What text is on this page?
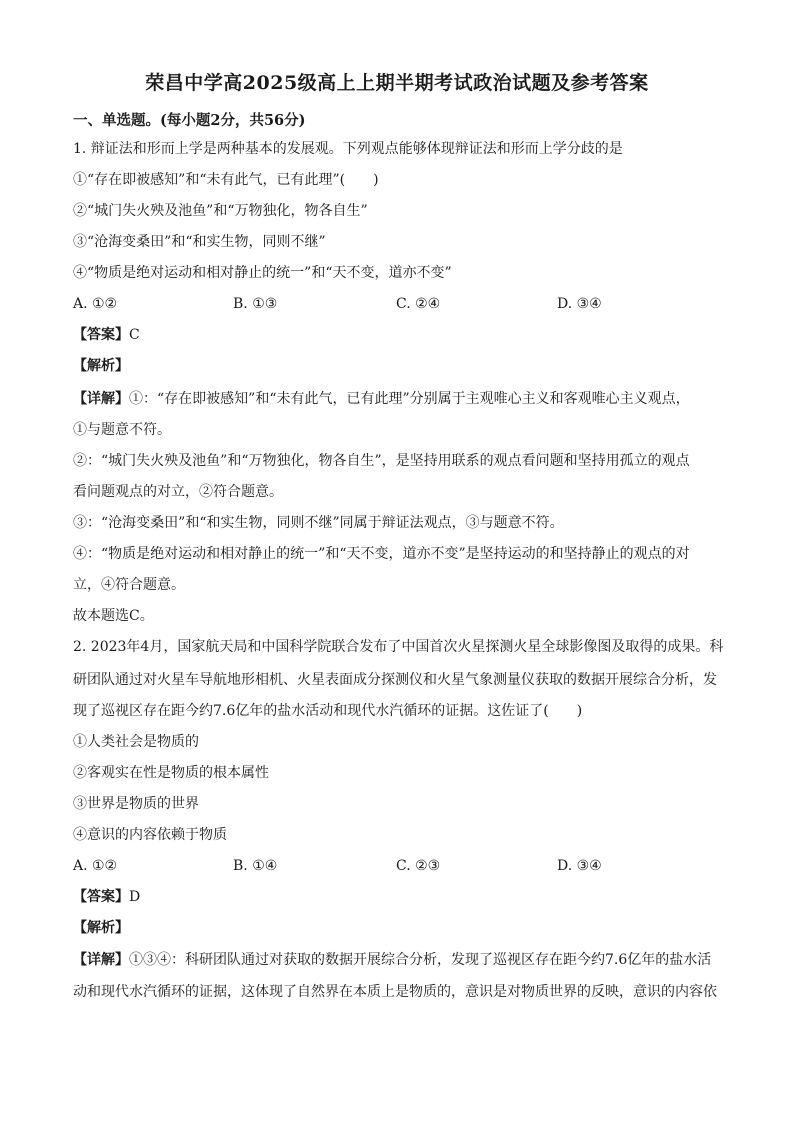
荣昌中学高2025级高上上期半期考试政治试题及参考答案
一、单选题。(每小题2分，共56分)
1. 辩证法和形而上学是两种基本的发展观。下列观点能够体现辩证法和形而上学分歧的是
①“存在即被感知”和“未有此气，已有此理”(　　)
②“城门失火殃及池鱼”和“万物独化，物各自生”
③“沧海变桑田”和“和实生物，同则不继”
④“物质是绝对运动和相对静止的统一”和“天不变，道亦不变”
A. ①②	B. ①③	C. ②④	D. ③④
【答案】C
【解析】
【详解】①：“存在即被感知”和“未有此气，已有此理”分别属于主观唯心主义和客观唯心主义观点，
①与题意不符。
②：“城门失火殃及池鱼”和“万物独化，物各自生”，是坚持用联系的观点看问题和坚持用孤立的观点
看问题观点的对立，②符合题意。
③：“沧海变桑田”和“和实生物，同则不继”同属于辩证法观点，③与题意不符。
④：“物质是绝对运动和相对静止的统一”和“天不变，道亦不变”是坚持运动的和坚持静止的观点的对
立，④符合题意。
故本题选C。
2. 2023年4月，国家航天局和中国科学院联合发布了中国首次火星探测火星全球影像图及取得的成果。科
研团队通过对火星车导航地形相机、火星表面成分探测仪和火星气象测量仪获取的数据开展综合分析，发
现了巡视区存在距今约7.6亿年的盐水活动和现代水汽循环的证据。这佐证了(　　)
①人类社会是物质的
②客观实在性是物质的根本属性
③世界是物质的世界
④意识的内容依赖于物质
A. ①②	B. ①④	C. ②③	D. ③④
【答案】D
【解析】
【详解】①③④：科研团队通过对获取的数据开展综合分析，发现了巡视区存在距今约7.6亿年的盐水活
动和现代水汽循环的证据，这体现了自然界在本质上是物质的，意识是对物质世界的反映，意识的内容依
